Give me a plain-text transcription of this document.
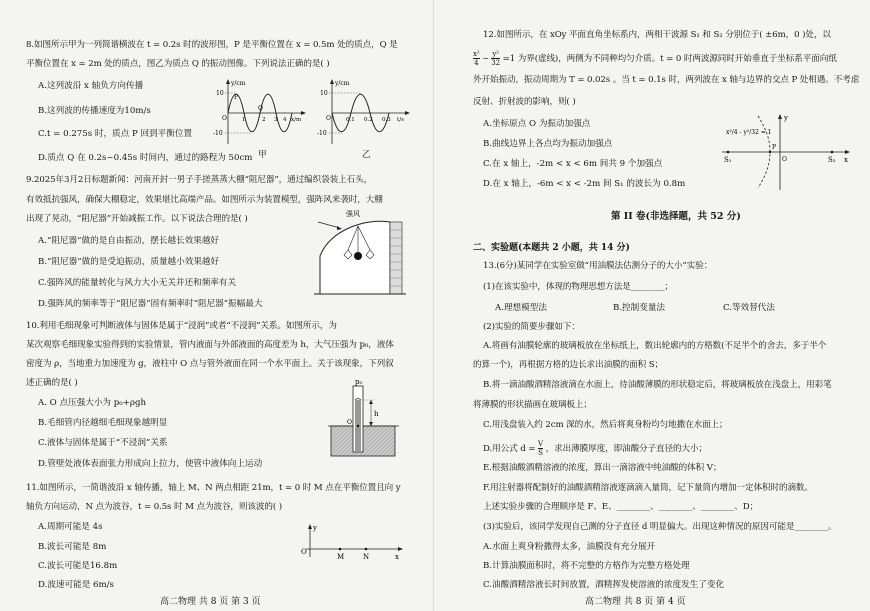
8.如图所示甲为一列简谐横波在 t = 0.2s 时的波形图，P 是平衡位置在 x = 0.5m 处的质点，Q 是
平衡位置在 x = 2m 处的质点，图乙为质点 Q 的振动图像。下列说法正确的是( )
A.这列波沿 x 轴负方向传播
B.这列波的传播速度为10m/s
C.t = 0.275s 时，质点 P 回到平衡位置
D.质点 Q 在 0.2s~0.45s 时间内，通过的路程为 50cm
y/cm
10
-10
O
P
Q
x/m
1	2 3 4
甲
y/cm
10
-10
O	0.1 0.2 0.3 t/s
乙
9.2025年3月2日标题新闻：河南开封一男子手搓蒸蒸大棚“阻尼器”，通过编织袋装上石头，
有效抵抗强风，确保大棚稳定，效果堪比高端产品。如图所示为装置模型，强阵风来袭时，大棚
出现了晃动，“阻尼器”开始减振工作。以下说法合理的是( )
A.“阻尼器”做的是自由振动，摆长越长效果越好
B.“阻尼器”做的是受迫振动，质量越小效果越好
C.强阵风的能量转化与风力大小无关并还和频率有关
D.强阵风的频率等于“阻尼器”固有频率时“阻尼器”振幅最大
强风
10.利用毛细现象可判断液体与固体是属于“浸润”或者“不浸润”关系。如图所示，为
某次观察毛细现象实验得到的实验情景，管内液面与外部液面的高度差为 h，大气压强为 p₀，液体
密度为 ρ，当地重力加速度为 g，液柱中 O 点与管外液面在同一个水平面上。关于该现象，下列叙
述正确的是( )
A. O 点压强大小为 p₀+ρgh
B.毛细管内径越细毛细现象越明显
C.液体与固体是属于“不浸润”关系
D.管壁处液体表面张力形成向上拉力，使管中液体向上运动
p₀
h
O
11.如图所示，一简谐波沿 x 轴传播，轴上 M、N 两点相距 21m，t = 0 时 M 点在平衡位置且向 y
轴负方向运动，N 点为波谷，t = 0.5s 时 M 点为波谷，则该波的( )
A.周期可能是 4s
B.波长可能是 8m
C.波长可能是16.8m
D.波速可能是 6m/s
y
O
M	N	x
高二物理 共 8 页 第 3 页
12.如图所示，在 xOy 平面直角坐标系内，两相干波源 S₁ 和 S₂ 分别位于( ±6m，0 )处，以
$\frac{\text{x²}}{4} - \frac{\text{y²}}{32} =1$ 为界(虚线)，两侧为不同种均匀介质。t = 0 时两波源同时开始垂直于坐标系平面向纸
外开始振动，振动周期为 T = 0.02s 。当 t = 0.1s 时，两列波在 x 轴与边界的交点 P 处相遇。不考虑
反射、折射波的影响，则( )
A.坐标原点 O 为振动加强点
B.曲线边界上各点均为振动加强点
C.在 x 轴上，-2m < x < 6m 间共 9 个加强点
D.在 x 轴上，-6m < x < -2m 间 S₁ 的波长为 0.8m
y
S₁	S₂
P
O	x
x²/4 - y²/32 = 1
第 II 卷(非选择题，共 52 分)
二、实验题(本题共 2 小题，共 14 分)
13.(6分)某同学在实验室做“用油膜法估测分子的大小”实验：
(1)在该实验中，体现的物理思想方法是________；
A.理想模型法	B.控制变量法	C.等效替代法
(2)实验的简要步骤如下：
A.将画有油膜轮廓的玻璃板放在坐标纸上，数出轮廓内的方格数(不足半个的舍去，多于半个
的算一个)，再根据方格的边长求出油膜的面积 S；
B.将一滴油酸酒精溶液滴在水面上，待油酸薄膜的形状稳定后，将玻璃板放在浅盘上，用彩笔
将薄膜的形状描画在玻璃板上；
C.用浅盘装入约 2cm 深的水，然后将爽身粉均匀地撒在水面上；
D.用公式 $d = \frac{V}{S}$ ，求出薄膜厚度，即油酸分子直径的大小；
E.根据油酸酒精溶液的浓度，算出一滴溶液中纯油酸的体积 V；
F.用注射器将配制好的油酸酒精溶液逐滴滴入量筒，记下量筒内增加一定体积时的滴数。
上述实验步骤的合理顺序是 F、E、________、________、________、D；
(3)实验后，该同学发现自己测的分子直径 d 明显偏大。出现这种情况的原因可能是________。
A.水面上爽身粉撒得太多，油膜没有充分展开
B.计算油膜面积时，将不完整的方格作为完整方格处理
C.油酸酒精溶液长时间放置，酒精挥发使溶液的浓度发生了变化
高二物理 共 8 页 第 4 页
